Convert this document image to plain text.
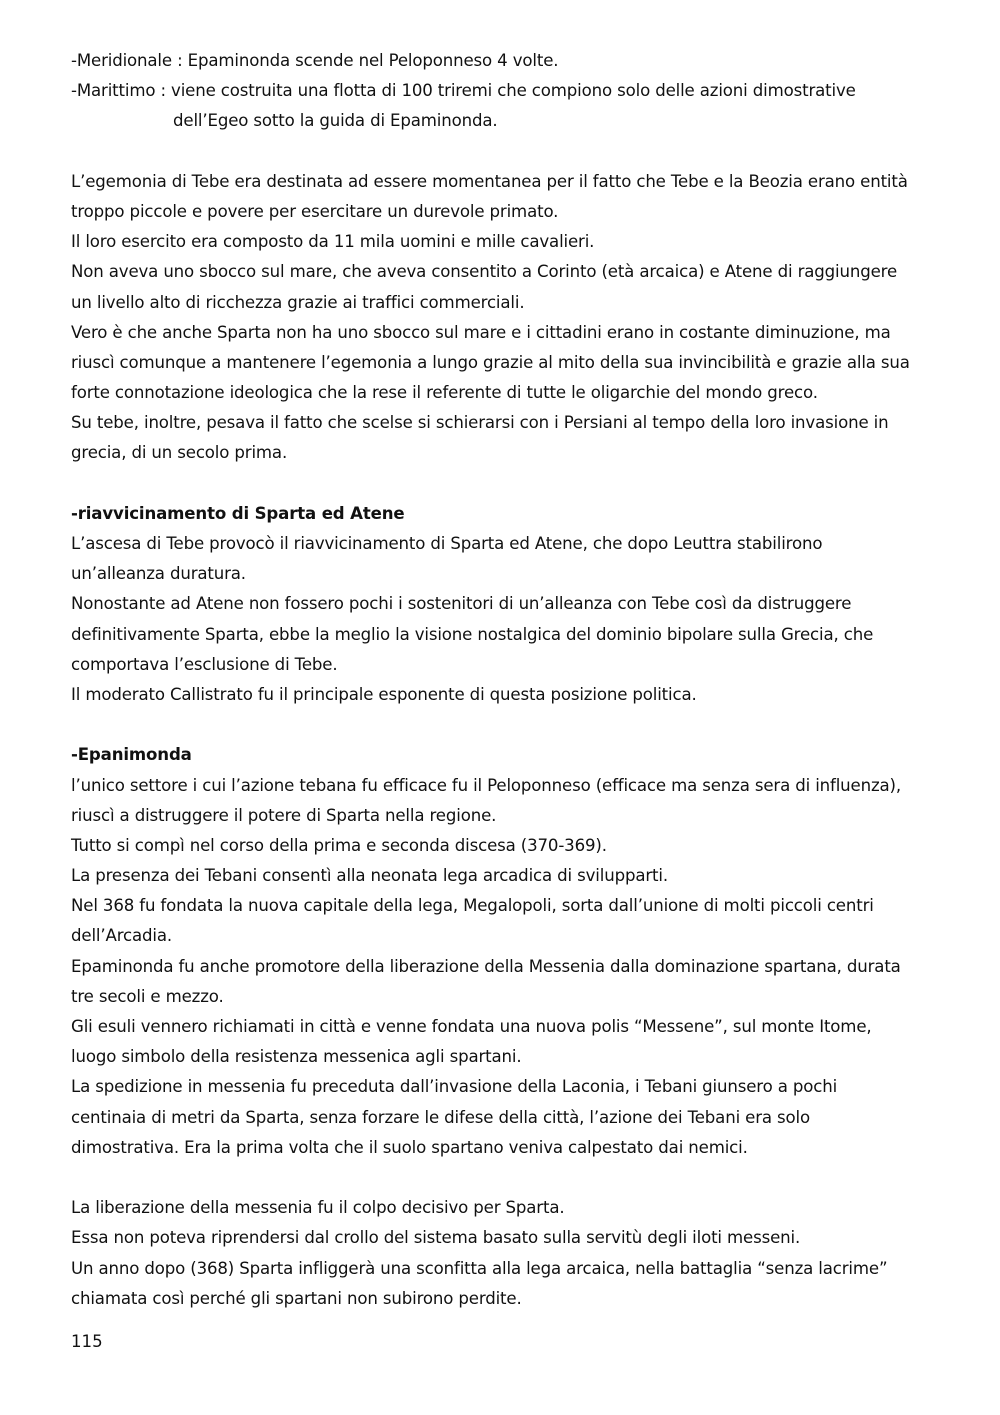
-Meridionale : Epaminonda scende nel Peloponneso 4 volte.
-Marittimo : viene costruita una flotta di 100 triremi che compiono solo delle azioni dimostrative
dell’Egeo sotto la guida di Epaminonda.
L’egemonia di Tebe era destinata ad essere momentanea per il fatto che Tebe e la Beozia erano entità
troppo piccole e povere per esercitare un durevole primato.
Il loro esercito era composto da 11 mila uomini e mille cavalieri.
Non aveva uno sbocco sul mare, che aveva consentito a Corinto (età arcaica) e Atene di raggiungere
un livello alto di ricchezza grazie ai traffici commerciali.
Vero è che anche Sparta non ha uno sbocco sul mare e i cittadini erano in costante diminuzione, ma
riuscì comunque a mantenere l’egemonia a lungo grazie al mito della sua invincibilità e grazie alla sua
forte connotazione ideologica che la rese il referente di tutte le oligarchie del mondo greco.
Su tebe, inoltre, pesava il fatto che scelse si schierarsi con i Persiani al tempo della loro invasione in
grecia, di un secolo prima.
-riavvicinamento di Sparta ed Atene
L’ascesa di Tebe provocò il riavvicinamento di Sparta ed Atene, che dopo Leuttra stabilirono
un’alleanza duratura.
Nonostante ad Atene non fossero pochi i sostenitori di un’alleanza con Tebe così da distruggere
definitivamente Sparta, ebbe la meglio la visione nostalgica del dominio bipolare sulla Grecia, che
comportava l’esclusione di Tebe.
Il moderato Callistrato fu il principale esponente di questa posizione politica.
-Epanimonda
l’unico settore i cui l’azione tebana fu efficace fu il Peloponneso (efficace ma senza sera di influenza),
riuscì a distruggere il potere di Sparta nella regione.
Tutto si compì nel corso della prima e seconda discesa (370-369).
La presenza dei Tebani consentì alla neonata lega arcadica di svilupparti.
Nel 368 fu fondata la nuova capitale della lega, Megalopoli, sorta dall’unione di molti piccoli centri
dell’Arcadia.
Epaminonda fu anche promotore della liberazione della Messenia dalla dominazione spartana, durata
tre secoli e mezzo.
Gli esuli vennero richiamati in città e venne fondata una nuova polis “Messene”, sul monte Itome,
luogo simbolo della resistenza messenica agli spartani.
La spedizione in messenia fu preceduta dall’invasione della Laconia, i Tebani giunsero a pochi
centinaia di metri da Sparta, senza forzare le difese della città, l’azione dei Tebani era solo
dimostrativa. Era la prima volta che il suolo spartano veniva calpestato dai nemici.
La liberazione della messenia fu il colpo decisivo per Sparta.
Essa non poteva riprendersi dal crollo del sistema basato sulla servitù degli iloti messeni.
Un anno dopo (368) Sparta infliggerà una sconfitta alla lega arcaica, nella battaglia “senza lacrime”
chiamata così perché gli spartani non subirono perdite.
115
